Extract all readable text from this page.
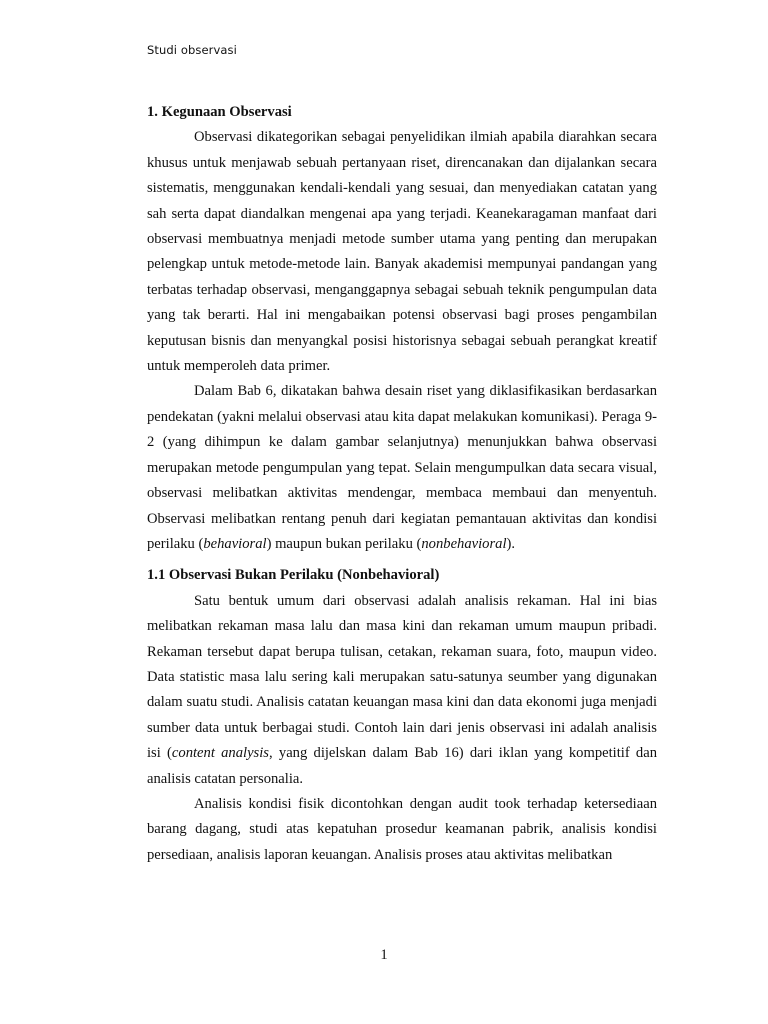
Studi observasi
1. Kegunaan Observasi

Observasi dikategorikan sebagai penyelidikan ilmiah apabila diarahkan secara khusus untuk menjawab sebuah pertanyaan riset, direncanakan dan dijalankan secara sistematis, menggunakan kendali-kendali yang sesuai, dan menyediakan catatan yang sah serta dapat diandalkan mengenai apa yang terjadi. Keanekaragaman manfaat dari observasi membuatnya menjadi metode sumber utama yang penting dan merupakan pelengkap untuk metode-metode lain. Banyak akademisi mempunyai pandangan yang terbatas terhadap observasi, menganggapnya sebagai sebuah teknik pengumpulan data yang tak berarti. Hal ini mengabaikan potensi observasi bagi proses pengambilan keputusan bisnis dan menyangkal posisi historisnya sebagai sebuah perangkat kreatif untuk memperoleh data primer.

Dalam Bab 6, dikatakan bahwa desain riset yang diklasifikasikan berdasarkan pendekatan (yakni melalui observasi atau kita dapat melakukan komunikasi). Peraga 9-2 (yang dihimpun ke dalam gambar selanjutnya) menunjukkan bahwa observasi merupakan metode pengumpulan yang tepat. Selain mengumpulkan data secara visual, observasi melibatkan aktivitas mendengar, membaca membaui dan menyentuh. Observasi melibatkan rentang penuh dari kegiatan pemantauan aktivitas dan kondisi perilaku (behavioral) maupun bukan perilaku (nonbehavioral).

1.1 Observasi Bukan Perilaku (Nonbehavioral)

Satu bentuk umum dari observasi adalah analisis rekaman. Hal ini bias melibatkan rekaman masa lalu dan masa kini dan rekaman umum maupun pribadi. Rekaman tersebut dapat berupa tulisan, cetakan, rekaman suara, foto, maupun video. Data statistic masa lalu sering kali merupakan satu-satunya seumber yang digunakan dalam suatu studi. Analisis catatan keuangan masa kini dan data ekonomi juga menjadi sumber data untuk berbagai studi. Contoh lain dari jenis observasi ini adalah analisis isi (content analysis, yang dijelskan dalam Bab 16) dari iklan yang kompetitif dan analisis catatan personalia.

Analisis kondisi fisik dicontohkan dengan audit took terhadap ketersediaan barang dagang, studi atas kepatuhan prosedur keamanan pabrik, analisis kondisi persediaan, analisis laporan keuangan. Analisis proses atau aktivitas melibatkan

1
